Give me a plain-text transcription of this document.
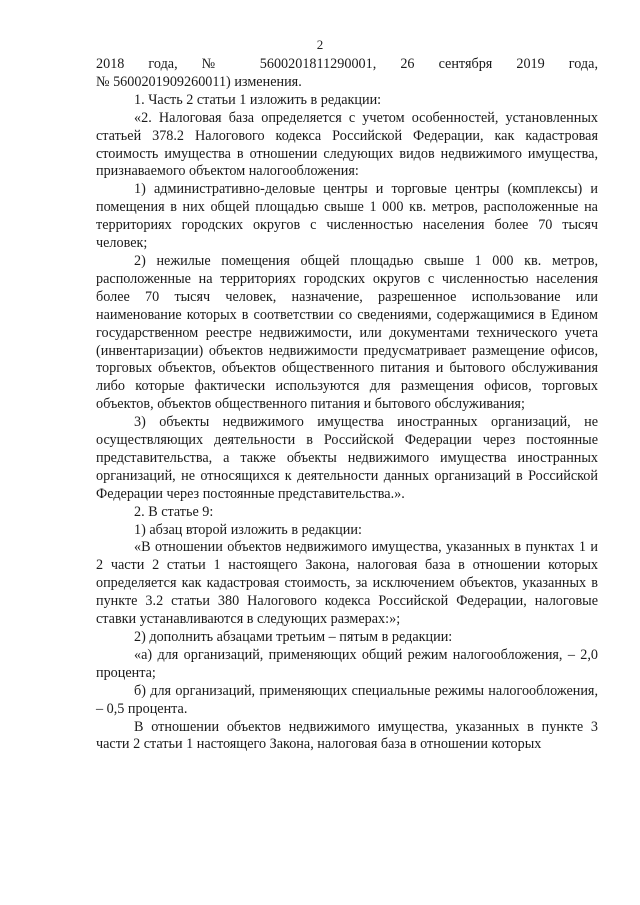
2

2018 года, № 5600201811290001, 26 сентября 2019 года,

№ 5600201909260011) изменения.

1. Часть 2 статьи 1 изложить в редакции:

«2. Налоговая база определяется с учетом особенностей, установленных статьей 378.2 Налогового кодекса Российской Федерации, как кадастровая стоимость имущества в отношении следующих видов недвижимого имущества, признаваемого объектом налогообложения:

1) административно-деловые центры и торговые центры (комплексы) и помещения в них общей площадью свыше 1 000 кв. метров, расположенные на территориях городских округов с численностью населения более 70 тысяч человек;

2) нежилые помещения общей площадью свыше 1 000 кв. метров, расположенные на территориях городских округов с численностью населения более 70 тысяч человек, назначение, разрешенное использование или наименование которых в соответствии со сведениями, содержащимися в Едином государственном реестре недвижимости, или документами технического учета (инвентаризации) объектов недвижимости предусматривает размещение офисов, торговых объектов, объектов общественного питания и бытового обслуживания либо которые фактически используются для размещения офисов, торговых объектов, объектов общественного питания и бытового обслуживания;

3) объекты недвижимого имущества иностранных организаций, не осуществляющих деятельности в Российской Федерации через постоянные представительства, а также объекты недвижимого имущества иностранных организаций, не относящихся к деятельности данных организаций в Российской Федерации через постоянные представительства.».

2. В статье 9:

1) абзац второй изложить в редакции:

«В отношении объектов недвижимого имущества, указанных в пунктах 1 и 2 части 2 статьи 1 настоящего Закона, налоговая база в отношении которых определяется как кадастровая стоимость, за исключением объектов, указанных в пункте 3.2 статьи 380 Налогового кодекса Российской Федерации, налоговые ставки устанавливаются в следующих размерах:»;

2) дополнить абзацами третьим – пятым в редакции:

«а) для организаций, применяющих общий режим налогообложения, – 2,0 процента;

б) для организаций, применяющих специальные режимы налогообложения, – 0,5 процента.

В отношении объектов недвижимого имущества, указанных в пункте 3 части 2 статьи 1 настоящего Закона, налоговая база в отношении которых
